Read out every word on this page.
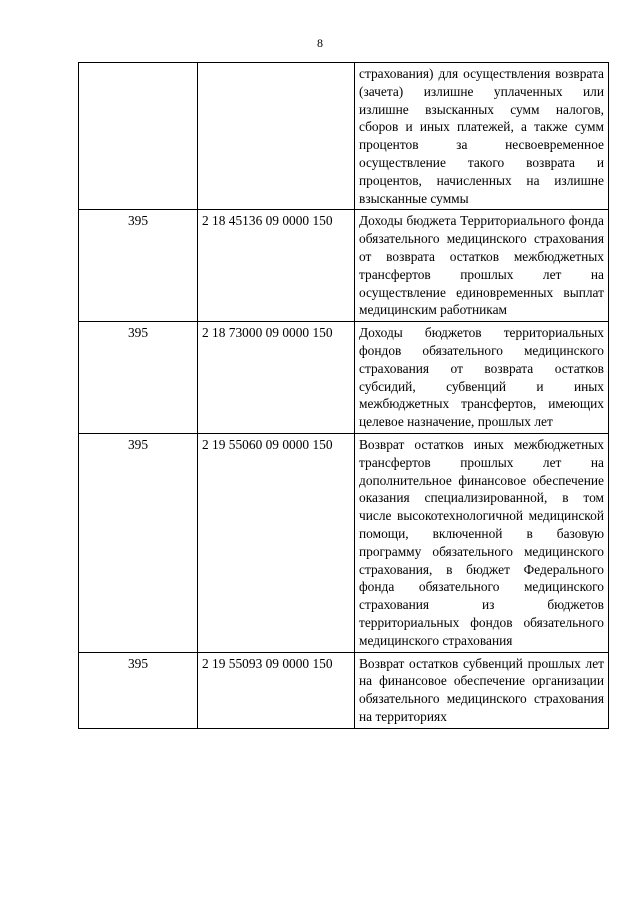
8

		страхования) для осуществления возврата (зачета) излишне уплаченных или излишне взысканных сумм налогов, сборов и иных платежей, а также сумм процентов за несвоевременное осуществление такого возврата и процентов, начисленных на излишне взысканные суммы

395	2 18 45136 09 0000 150	Доходы бюджета Территориального фонда обязательного медицинского страхования от возврата остатков межбюджетных трансфертов прошлых лет на осуществление единовременных выплат медицинским работникам

395	2 18 73000 09 0000 150	Доходы бюджетов территориальных фондов обязательного медицинского страхования от возврата остатков субсидий, субвенций и иных межбюджетных трансфертов, имеющих целевое назначение, прошлых лет

395	2 19 55060 09 0000 150	Возврат остатков иных межбюджетных трансфертов прошлых лет на дополнительное финансовое обеспечение оказания специализированной, в том числе высокотехнологичной медицинской помощи, включенной в базовую программу обязательного медицинского страхования, в бюджет Федерального фонда обязательного медицинского страхования из бюджетов территориальных фондов обязательного медицинского страхования

395	2 19 55093 09 0000 150	Возврат остатков субвенций прошлых лет на финансовое обеспечение организации обязательного медицинского страхования на территориях
